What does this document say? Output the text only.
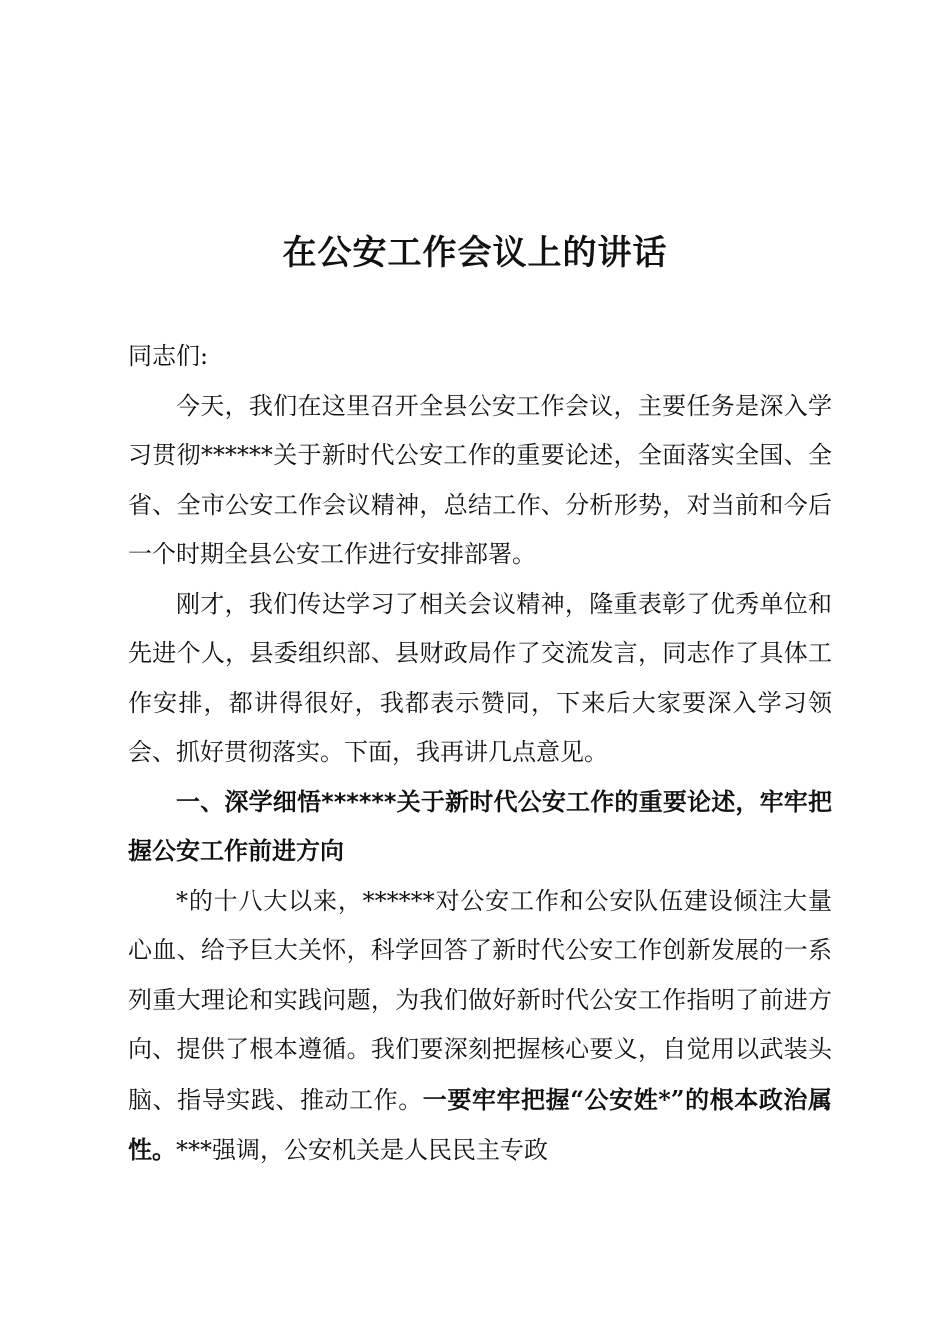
在公安工作会议上的讲话

同志们:

今天，我们在这里召开全县公安工作会议，主要任务是深入学习贯彻******关于新时代公安工作的重要论述，全面落实全国、全省、全市公安工作会议精神，总结工作、分析形势，对当前和今后一个时期全县公安工作进行安排部署。

刚才，我们传达学习了相关会议精神，隆重表彰了优秀单位和先进个人，县委组织部、县财政局作了交流发言，同志作了具体工作安排，都讲得很好，我都表示赞同，下来后大家要深入学习领会、抓好贯彻落实。下面，我再讲几点意见。

一、深学细悟******关于新时代公安工作的重要论述，牢牢把握公安工作前进方向

*的十八大以来，******对公安工作和公安队伍建设倾注大量心血、给予巨大关怀，科学回答了新时代公安工作创新发展的一系列重大理论和实践问题，为我们做好新时代公安工作指明了前进方向、提供了根本遵循。我们要深刻把握核心要义，自觉用以武装头脑、指导实践、推动工作。一要牢牢把握“公安姓*”的根本政治属性。***强调，公安机关是人民民主专政
